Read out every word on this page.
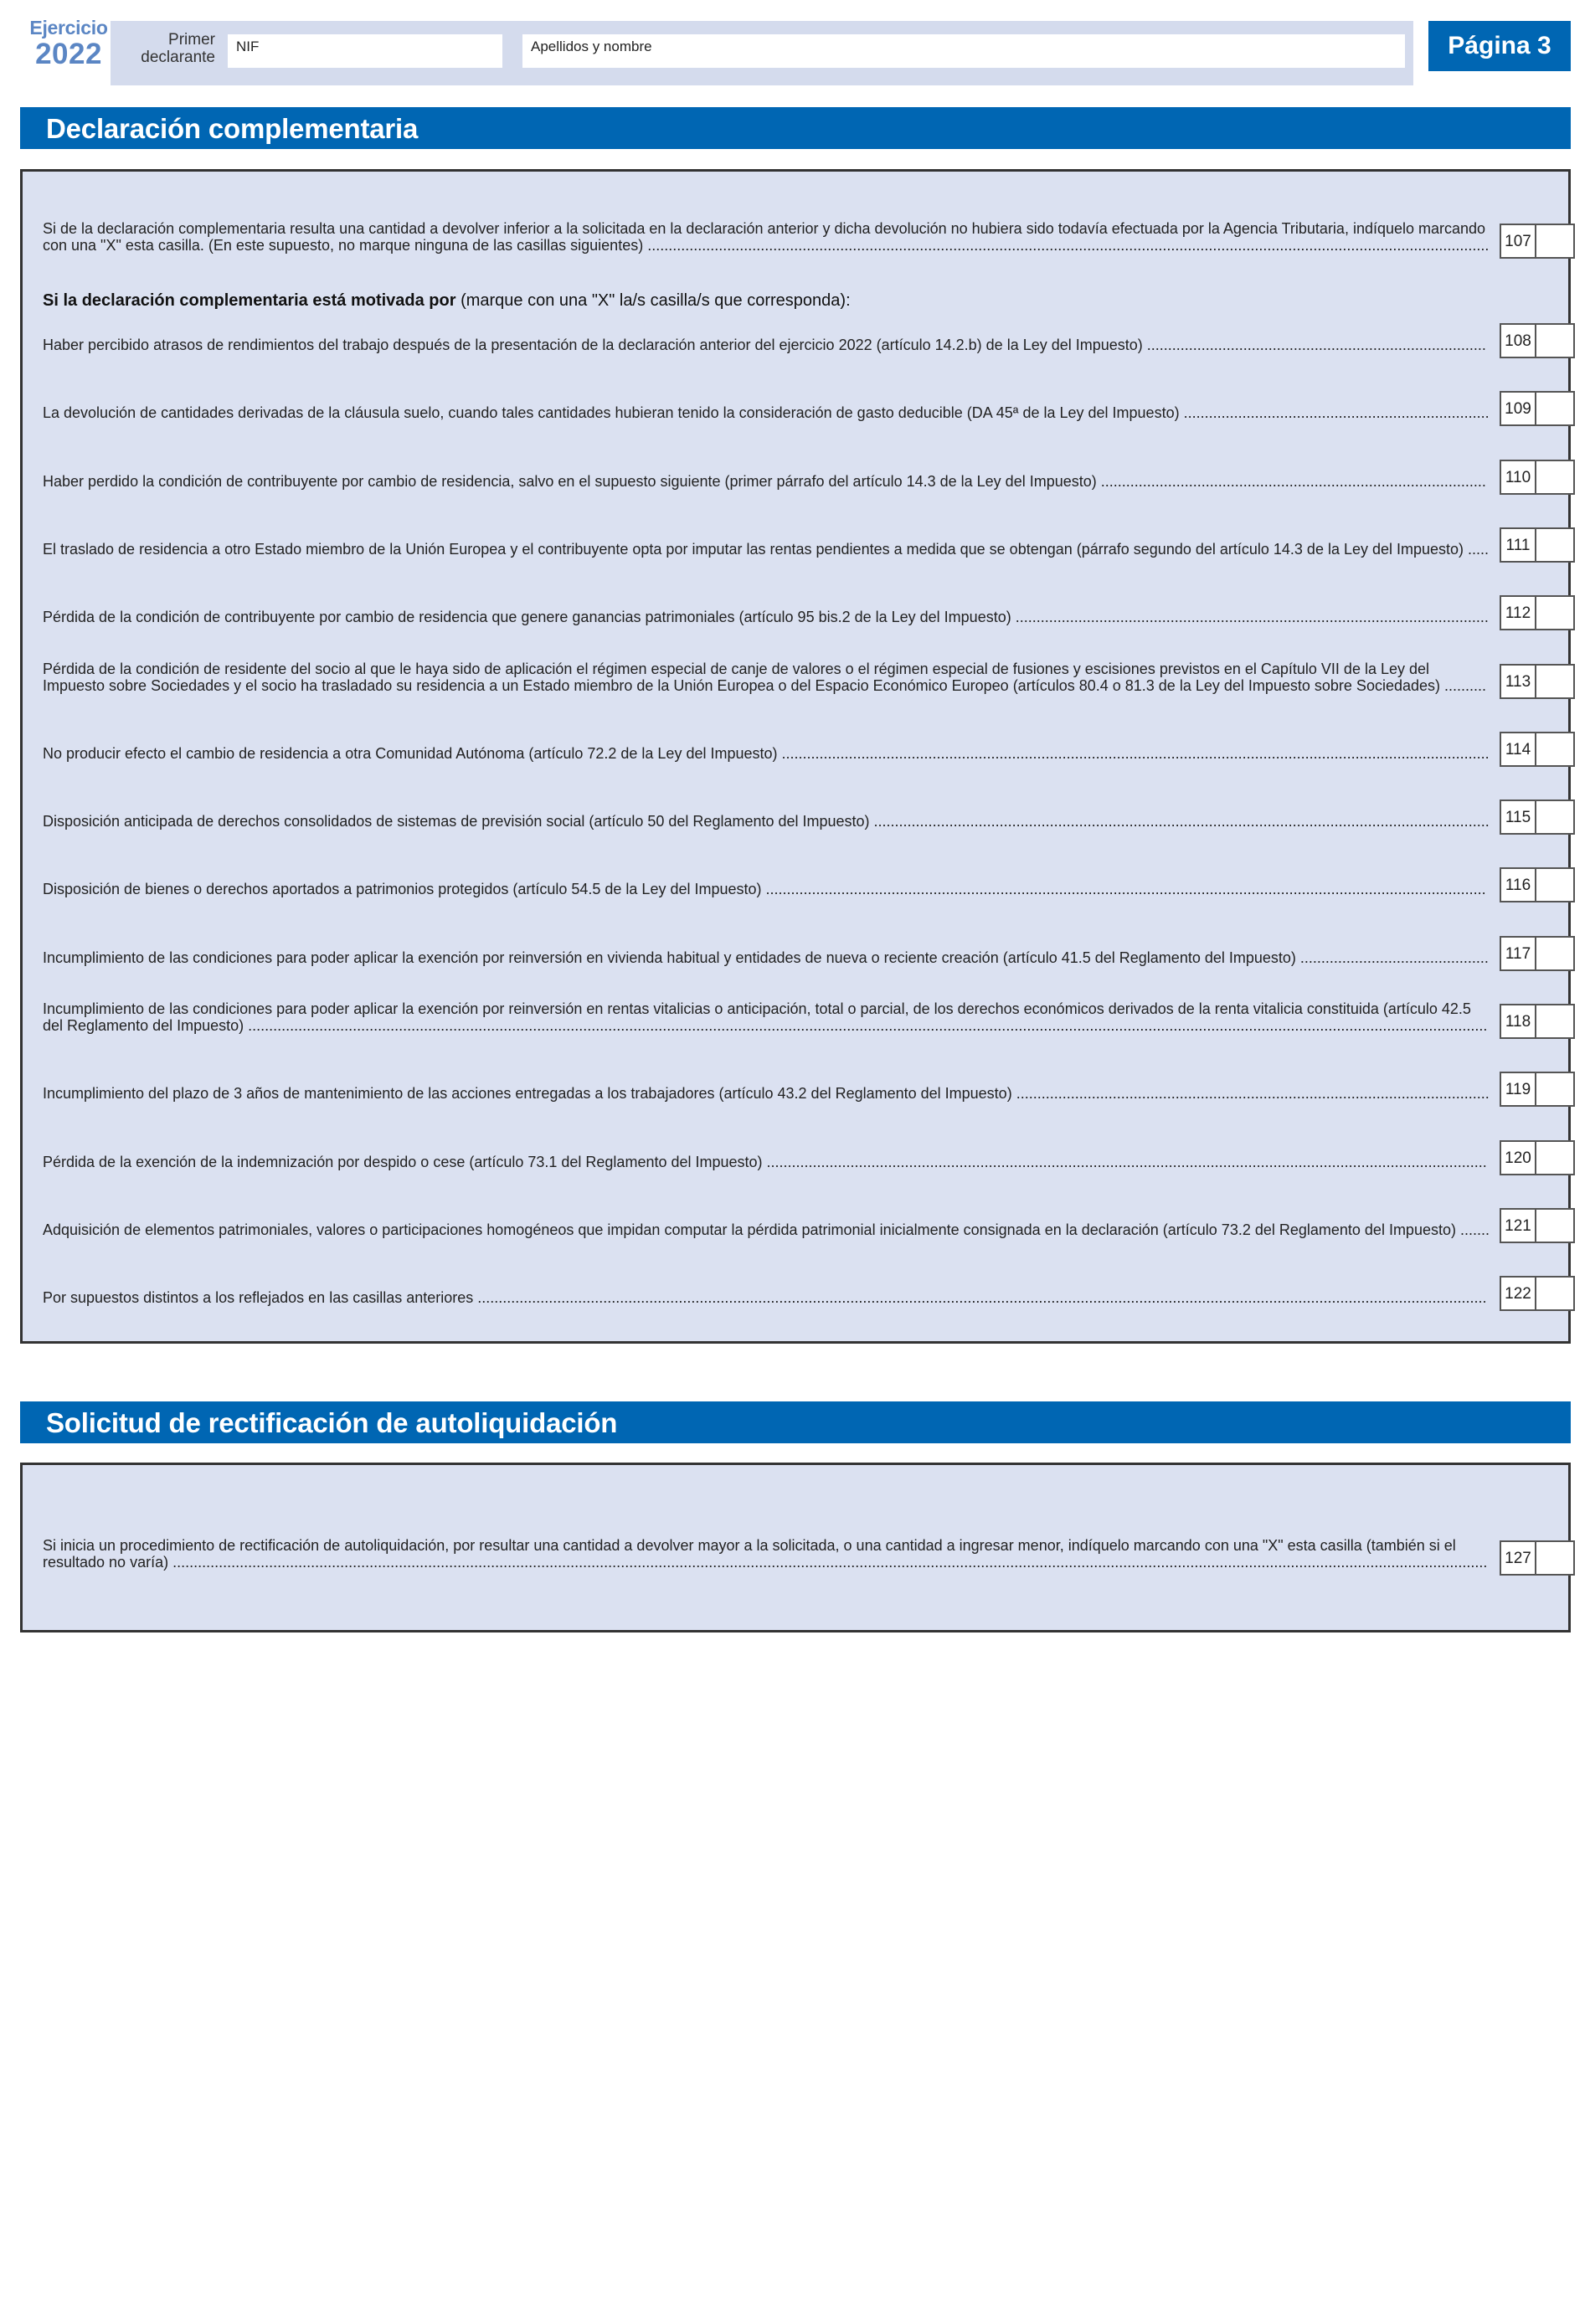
Ejercicio
2022	Primer
declarante
NIF	Apellidos y nombre	Página 3
Declaración complementaria
Si de la declaración complementaria resulta una cantidad a devolver inferior a la solicitada en la declaración anterior y dicha devolución no hubiera sido todavía efectuada por la Agencia Tributaria, indíquelo marcando con una "X" esta casilla. (En este supuesto, no marque ninguna de las casillas siguientes) ......................................................................................................................................................................................................... 107
Si la declaración complementaria está motivada por (marque con una "X" la/s casilla/s que corresponda):
Haber percibido atrasos de rendimientos del trabajo después de la presentación de la declaración anterior del ejercicio 2022 (artículo 14.2.b) de la Ley del Impuesto) ................................................................................. 108
La devolución de cantidades derivadas de la cláusula suelo, cuando tales cantidades hubieran tenido la consideración de gasto deducible (DA 45ª de la Ley del Impuesto) ......................................................................... 109
Haber perdido la condición de contribuyente por cambio de residencia, salvo en el supuesto siguiente (primer párrafo del artículo 14.3 de la Ley del Impuesto) ............................................................................................ 110
El traslado de residencia a otro Estado miembro de la Unión Europea y el contribuyente opta por imputar las rentas pendientes a medida que se obtengan (párrafo segundo del artículo 14.3 de la Ley del Impuesto) ..... 111
Pérdida de la condición de contribuyente por cambio de residencia que genere ganancias patrimoniales (artículo 95 bis.2 de la Ley del Impuesto) ................................................................................................................. 112
Pérdida de la condición de residente del socio al que le haya sido de aplicación el régimen especial de canje de valores o el régimen especial de fusiones y escisiones previstos en el Capítulo VII de la Ley del Impuesto sobre Sociedades y el socio ha trasladado su residencia a un Estado miembro de la Unión Europea o del Espacio Económico Europeo (artículos 80.4 o 81.3 de la Ley del Impuesto sobre Sociedades) .......... 113
No producir efecto el cambio de residencia a otra Comunidad Autónoma (artículo 72.2 de la Ley del Impuesto) ......................................................................................................................................................................... 114
Disposición anticipada de derechos consolidados de sistemas de previsión social (artículo 50 del Reglamento del Impuesto) ................................................................................................................................................... 115
Disposición de bienes o derechos aportados a patrimonios protegidos (artículo 54.5 de la Ley del Impuesto) ............................................................................................................................................................................ 116
Incumplimiento de las condiciones para poder aplicar la exención por reinversión en vivienda habitual y entidades de nueva o reciente creación (artículo 41.5 del Reglamento del Impuesto) ............................................. 117
Incumplimiento de las condiciones para poder aplicar la exención por reinversión en rentas vitalicias o anticipación, total o parcial, de los derechos económicos derivados de la renta vitalicia constituida (artículo 42.5 del Reglamento del Impuesto) ........................................................................................................................................................................................................................................................................................................ 118
Incumplimiento del plazo de 3 años de mantenimiento de las acciones entregadas a los trabajadores (artículo 43.2 del Reglamento del Impuesto) ................................................................................................................. 119
Pérdida de la exención de la indemnización por despido o cese (artículo 73.1 del Reglamento del Impuesto) ............................................................................................................................................................................ 120
Adquisición de elementos patrimoniales, valores o participaciones homogéneos que impidan computar la pérdida patrimonial inicialmente consignada en la declaración (artículo 73.2 del Reglamento del Impuesto) ....... 121
Por supuestos distintos a los reflejados en las casillas anteriores ................................................................................................................................................................................................................................................. 122
Solicitud de rectificación de autoliquidación
Si inicia un procedimiento de rectificación de autoliquidación, por resultar una cantidad a devolver mayor a la solicitada, o una cantidad a ingresar menor, indíquelo marcando con una "X" esta casilla (también si el resultado no varía) .......................................................................................................................................................................................................................................................................................................................... 127
